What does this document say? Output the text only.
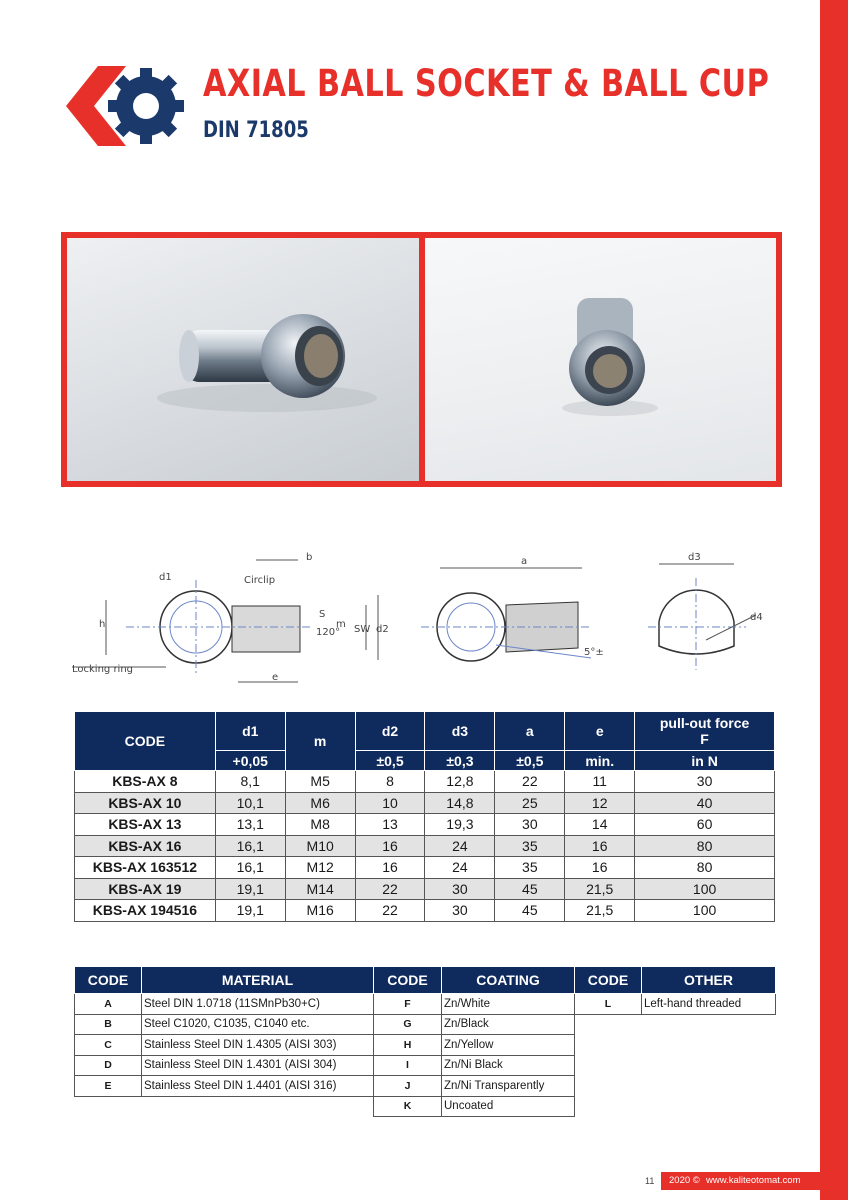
AXIAL BALL SOCKET & BALL CUP
DIN 71805
d1
b
Circlip
h
120°
S
m SW d2
Locking ring
e
a
5°±
d3
d4
CODE	d1	m	d2	d3	a	e	pull-out force
F
	+0,05		±0,5	±0,3	±0,5	min.	in N
KBS-AX 8	8,1	M5	8	12,8	22	11	30
KBS-AX 10	10,1	M6	10	14,8	25	12	40
KBS-AX 13	13,1	M8	13	19,3	30	14	60
KBS-AX 16	16,1	M10	16	24	35	16	80
KBS-AX 163512	16,1	M12	16	24	35	16	80
KBS-AX 19	19,1	M14	22	30	45	21,5	100
KBS-AX 194516	19,1	M16	22	30	45	21,5	100
CODE	MATERIAL	CODE	COATING	CODE	OTHER
A	Steel DIN 1.0718 (11SMnPb30+C)	F	Zn/White	L	Left-hand threaded
B	Steel C1020, C1035, C1040 etc.	G	Zn/Black		
C	Stainless Steel DIN 1.4305 (AISI 303)	H	Zn/Yellow		
D	Stainless Steel DIN 1.4301 (AISI 304)	I	Zn/Ni Black		
E	Stainless Steel DIN 1.4401 (AISI 316)	J	Zn/Ni Transparently		
		K	Uncoated		
11 2020 © www.kaliteotomat.com
